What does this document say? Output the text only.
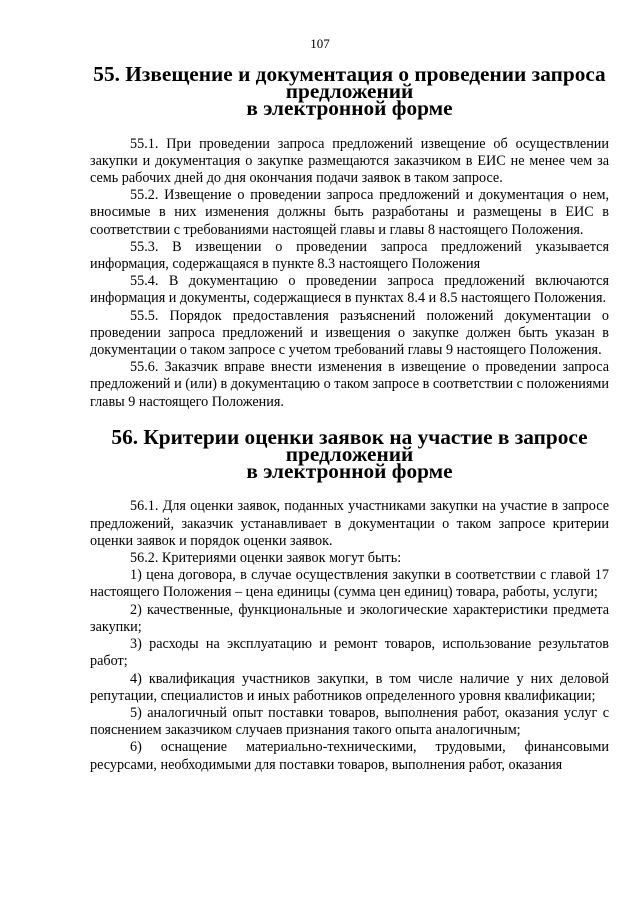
107
55. Извещение и документация о проведении запроса предложений
в электронной форме

55.1. При проведении запроса предложений извещение об осуществлении закупки и документация о закупке размещаются заказчиком в ЕИС не менее чем за семь рабочих дней до дня окончания подачи заявок в таком запросе.

55.2. Извещение о проведении запроса предложений и документация о нем, вносимые в них изменения должны быть разработаны и размещены в ЕИС в соответствии с требованиями настоящей главы и главы 8 настоящего Положения.

55.3. В извещении о проведении запроса предложений указывается информация, содержащаяся в пункте 8.3 настоящего Положения

55.4. В документацию о проведении запроса предложений включаются информация и документы, содержащиеся в пунктах 8.4 и 8.5 настоящего Положения.

55.5. Порядок предоставления разъяснений положений документации о проведении запроса предложений и извещения о закупке должен быть указан в документации о таком запросе с учетом требований главы 9 настоящего Положения.

55.6. Заказчик вправе внести изменения в извещение о проведении запроса предложений и (или) в документацию о таком запросе в соответствии с положениями главы 9 настоящего Положения.

56. Критерии оценки заявок на участие в запросе предложений
в электронной форме

56.1. Для оценки заявок, поданных участниками закупки на участие в запросе предложений, заказчик устанавливает в документации о таком запросе критерии оценки заявок и порядок оценки заявок.

56.2. Критериями оценки заявок могут быть:

1) цена договора, в случае осуществления закупки в соответствии с главой 17 настоящего Положения – цена единицы (сумма цен единиц) товара, работы, услуги;

2) качественные, функциональные и экологические характеристики предмета закупки;

3) расходы на эксплуатацию и ремонт товаров, использование результатов работ;

4) квалификация участников закупки, в том числе наличие у них деловой репутации, специалистов и иных работников определенного уровня квалификации;

5) аналогичный опыт поставки товаров, выполнения работ, оказания услуг с пояснением заказчиком случаев признания такого опыта аналогичным;

6) оснащение материально-техническими, трудовыми, финансовыми ресурсами, необходимыми для поставки товаров, выполнения работ, оказания
